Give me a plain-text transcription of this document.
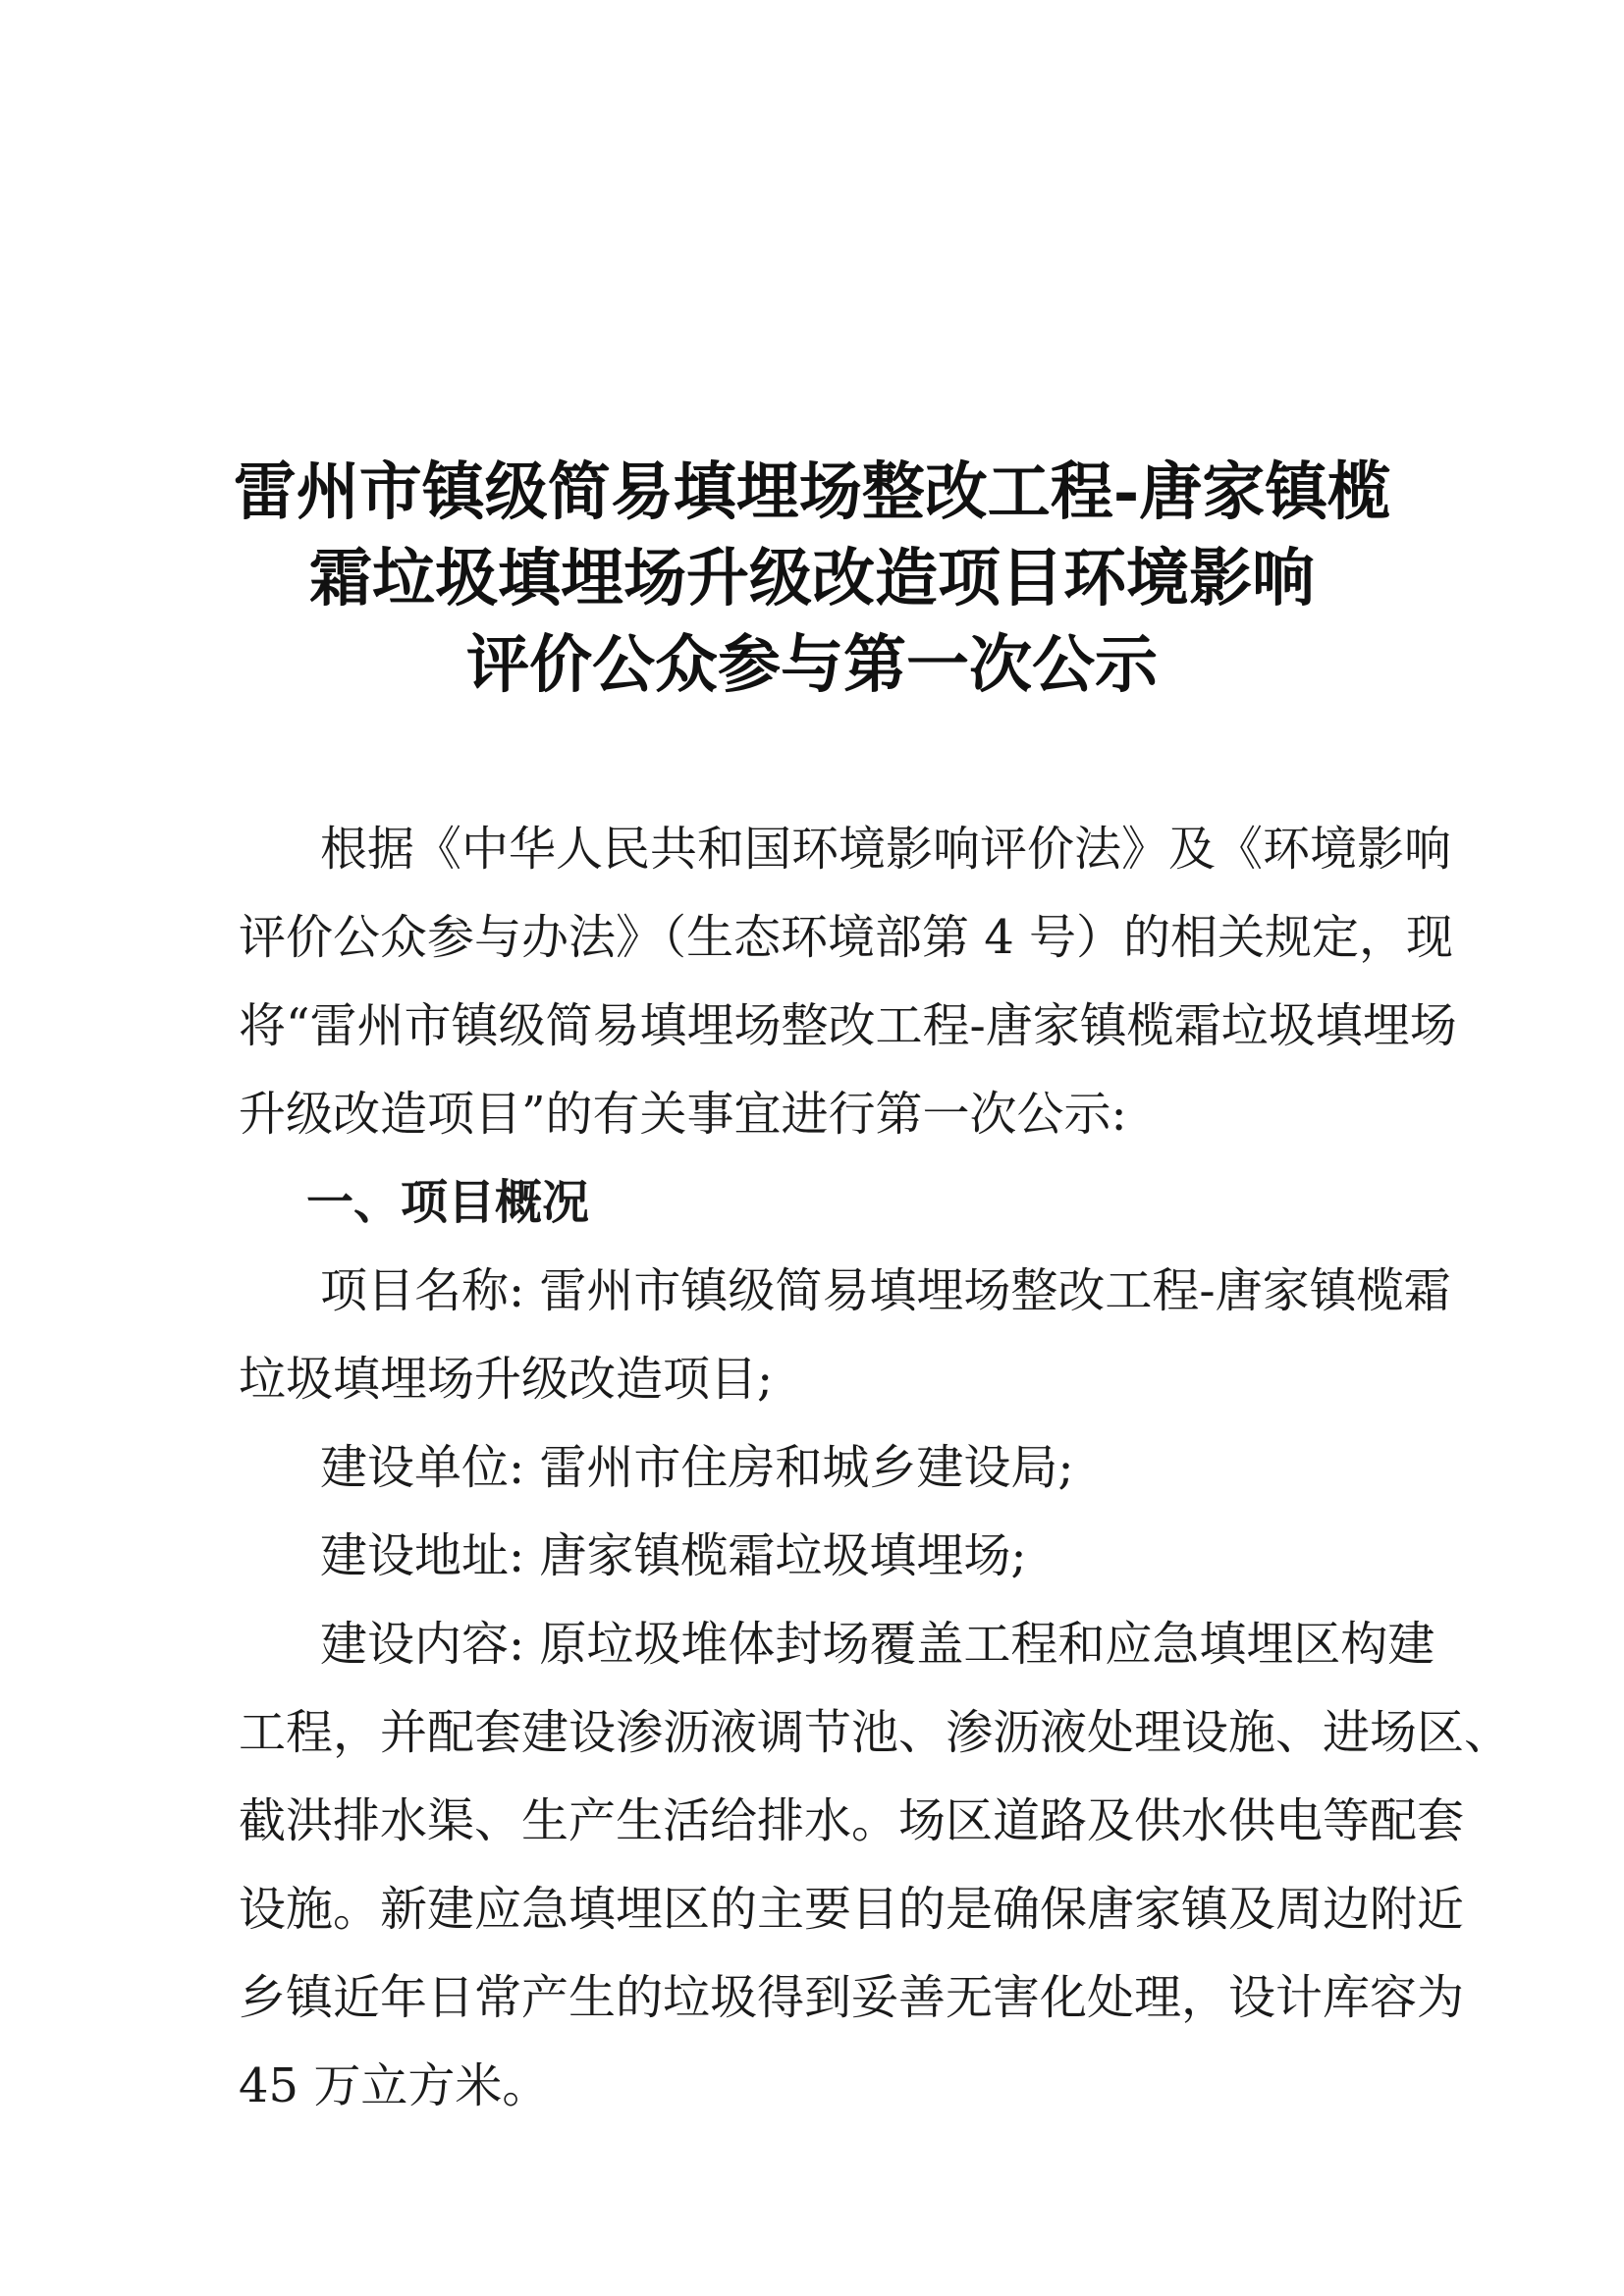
雷州市镇级简易填埋场整改工程-唐家镇榄
霜垃圾填埋场升级改造项目环境影响
评价公众参与第一次公示
根据《中华人民共和国环境影响评价法》及《环境影响
评价公众参与办法》（生态环境部第 4 号）的相关规定，现
将“雷州市镇级简易填埋场整改工程-唐家镇榄霜垃圾填埋场
升级改造项目”的有关事宜进行第一次公示:
一、项目概况
项目名称: 雷州市镇级简易填埋场整改工程-唐家镇榄霜
垃圾填埋场升级改造项目;
建设单位: 雷州市住房和城乡建设局;
建设地址: 唐家镇榄霜垃圾填埋场;
建设内容: 原垃圾堆体封场覆盖工程和应急填埋区构建
工程，并配套建设渗沥液调节池、渗沥液处理设施、进场区、
截洪排水渠、生产生活给排水。场区道路及供水供电等配套
设施。新建应急填埋区的主要目的是确保唐家镇及周边附近
乡镇近年日常产生的垃圾得到妥善无害化处理，设计库容为
45 万立方米。
